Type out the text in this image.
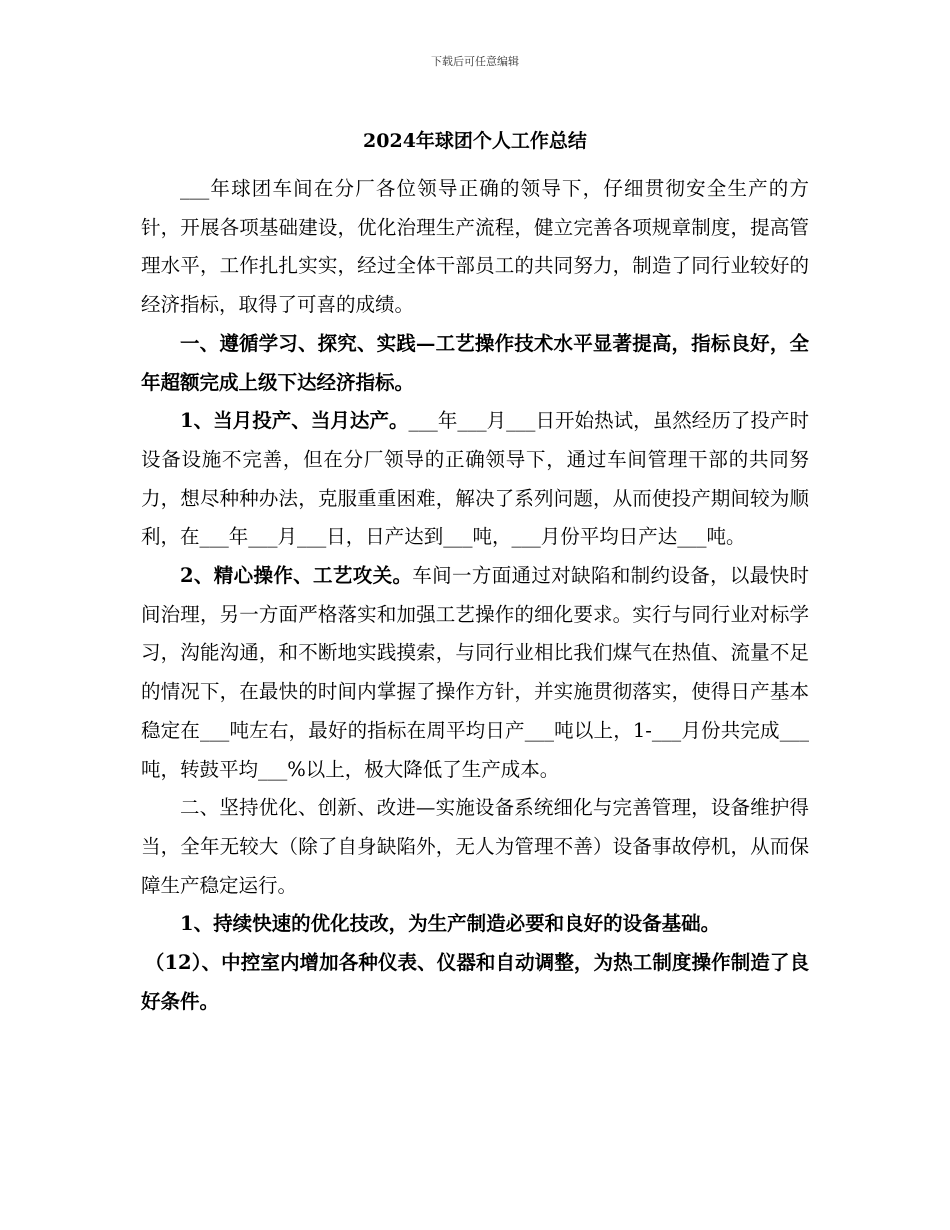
下载后可任意编辑
2024年球团个人工作总结

___年球团车间在分厂各位领导正确的领导下，仔细贯彻安全生产的方针，开展各项基础建设，优化治理生产流程，健立完善各项规章制度，提高管理水平，工作扎扎实实，经过全体干部员工的共同努力，制造了同行业较好的经济指标，取得了可喜的成绩。

一、遵循学习、探究、实践—工艺操作技术水平显著提高，指标良好，全年超额完成上级下达经济指标。

1、当月投产、当月达产。___年___月___日开始热试，虽然经历了投产时设备设施不完善，但在分厂领导的正确领导下，通过车间管理干部的共同努力，想尽种种办法，克服重重困难，解决了系列问题，从而使投产期间较为顺利，在___年___月___日，日产达到___吨，___月份平均日产达___吨。

2、精心操作、工艺攻关。车间一方面通过对缺陷和制约设备，以最快时间治理，另一方面严格落实和加强工艺操作的细化要求。实行与同行业对标学习，沟能沟通，和不断地实践摸索，与同行业相比我们煤气在热值、流量不足的情况下，在最快的时间内掌握了操作方针，并实施贯彻落实，使得日产基本稳定在___吨左右，最好的指标在周平均日产___吨以上，1-___月份共完成___吨，转鼓平均___%以上，极大降低了生产成本。

二、坚持优化、创新、改进—实施设备系统细化与完善管理，设备维护得当，全年无较大（除了自身缺陷外，无人为管理不善）设备事故停机，从而保障生产稳定运行。

1、持续快速的优化技改，为生产制造必要和良好的设备基础。

（12）、中控室内增加各种仪表、仪器和自动调整，为热工制度操作制造了良好条件。
